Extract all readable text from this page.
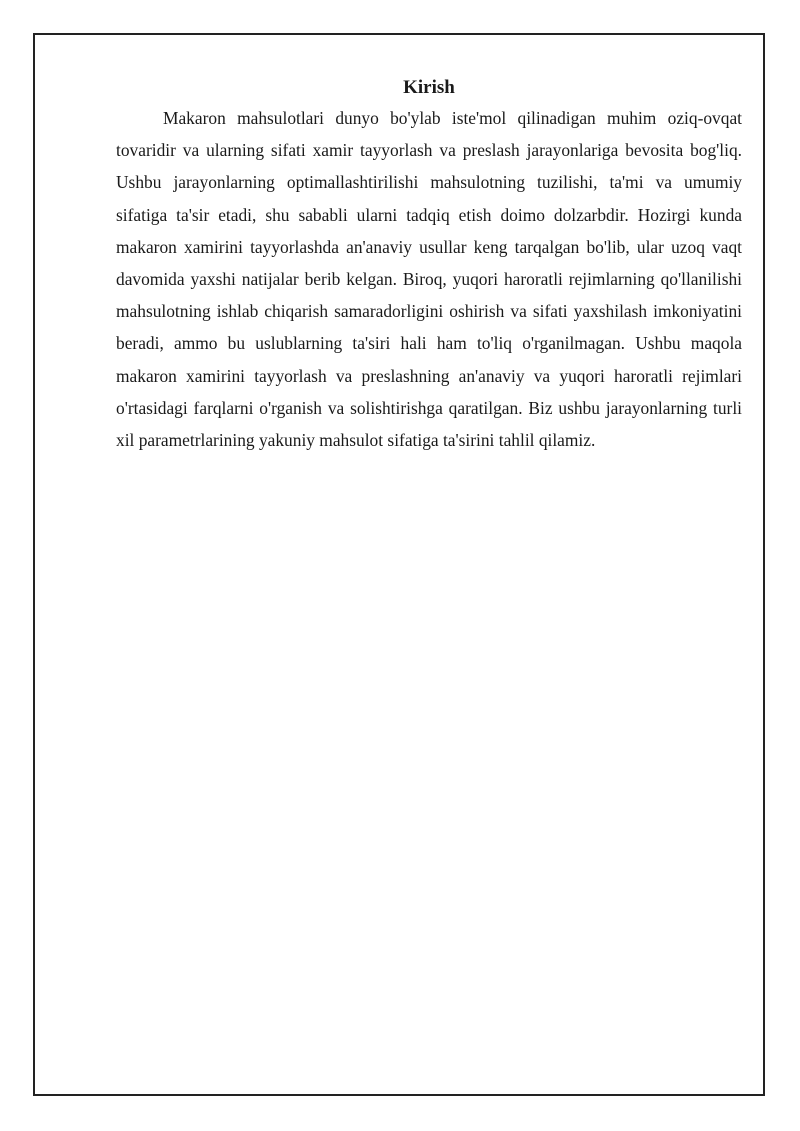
Kirish

Makaron mahsulotlari dunyo bo'ylab iste'mol qilinadigan muhim oziq-ovqat tovaridir va ularning sifati xamir tayyorlash va preslash jarayonlariga bevosita bog'liq. Ushbu jarayonlarning optimallashtirilishi mahsulotning tuzilishi, ta'mi va umumiy sifatiga ta'sir etadi, shu sababli ularni tadqiq etish doimo dolzarbdir. Hozirgi kunda makaron xamirini tayyorlashda an'anaviy usullar keng tarqalgan bo'lib, ular uzoq vaqt davomida yaxshi natijalar berib kelgan. Biroq, yuqori haroratli rejimlarning qo'llanilishi mahsulotning ishlab chiqarish samaradorligini oshirish va sifati yaxshilash imkoniyatini beradi, ammo bu uslublarning ta'siri hali ham to'liq o'rganilmagan. Ushbu maqola makaron xamirini tayyorlash va preslashning an'anaviy va yuqori haroratli rejimlari o'rtasidagi farqlarni o'rganish va solishtirishga qaratilgan. Biz ushbu jarayonlarning turli xil parametrlarining yakuniy mahsulot sifatiga ta'sirini tahlil qilamiz.
